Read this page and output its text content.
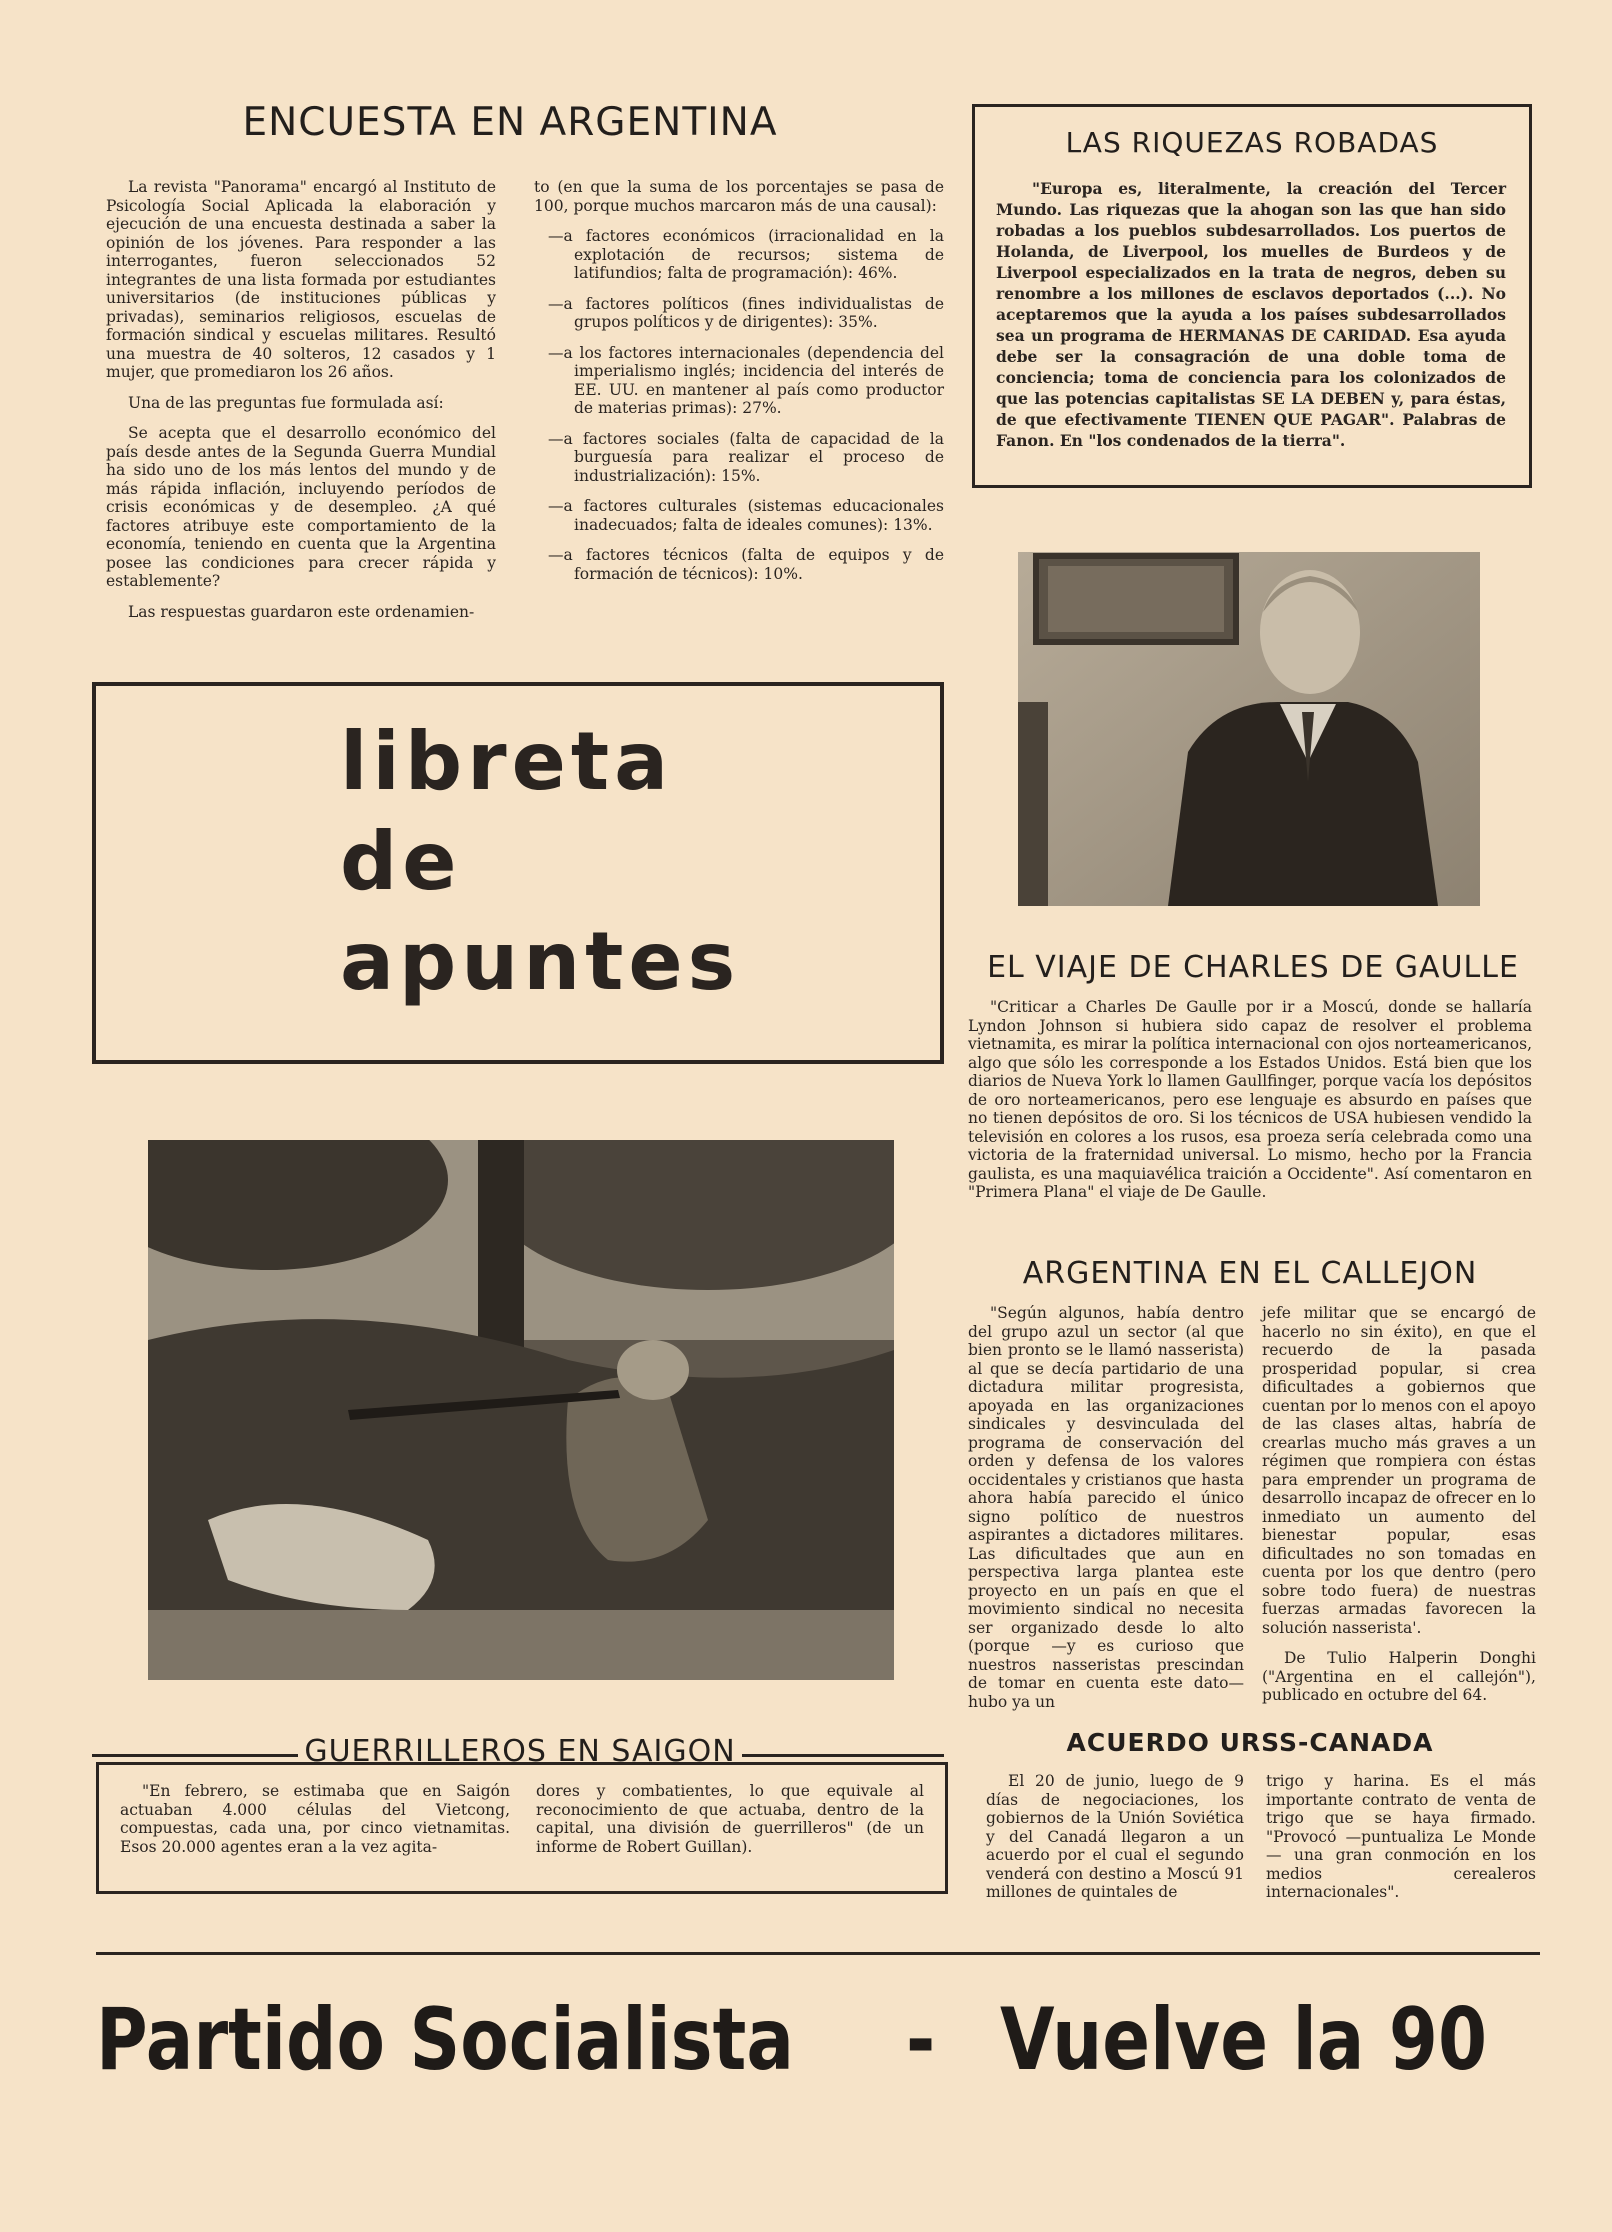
ENCUESTA EN ARGENTINA

La revista "Panorama" encargó al Instituto de Psicología Social Aplicada la elaboración y ejecución de una encuesta destinada a saber la opinión de los jóvenes. Para responder a las interrogantes, fueron seleccionados 52 integrantes de una lista formada por estudiantes universitarios (de instituciones públicas y privadas), seminarios religiosos, escuelas de formación sindical y escuelas militares. Resultó una muestra de 40 solteros, 12 casados y 1 mujer, que promediaron los 26 años.

Una de las preguntas fue formulada así:

Se acepta que el desarrollo económico del país desde antes de la Segunda Guerra Mundial ha sido uno de los más lentos del mundo y de más rápida inflación, incluyendo períodos de crisis económicas y de desempleo. ¿A qué factores atribuye este comportamiento de la economía, teniendo en cuenta que la Argentina posee las condiciones para crecer rápida y establemente?

Las respuestas guardaron este ordenamien-

to (en que la suma de los porcentajes se pasa de 100, porque muchos marcaron más de una causal):

—a factores económicos (irracionalidad en la explotación de recursos; sistema de latifundios; falta de programación): 46%.
—a factores políticos (fines individualistas de grupos políticos y de dirigentes): 35%.
—a los factores internacionales (dependencia del imperialismo inglés; incidencia del interés de EE. UU. en mantener al país como productor de materias primas): 27%.
—a factores sociales (falta de capacidad de la burguesía para realizar el proceso de industrialización): 15%.
—a factores culturales (sistemas educacionales inadecuados; falta de ideales comunes): 13%.
—a factores técnicos (falta de equipos y de formación de técnicos): 10%.
LAS RIQUEZAS ROBADAS

"Europa es, literalmente, la creación del Tercer Mundo. Las riquezas que la ahogan son las que han sido robadas a los pueblos subdesarrollados. Los puertos de Holanda, de Liverpool, los muelles de Burdeos y de Liverpool especializados en la trata de negros, deben su renombre a los millones de esclavos deportados (...). No aceptaremos que la ayuda a los países subdesarrollados sea un programa de HERMANAS DE CARIDAD. Esa ayuda debe ser la consagración de una doble toma de conciencia; toma de conciencia para los colonizados de que las potencias capitalistas SE LA DEBEN y, para éstas, de que efectivamente TIENEN QUE PAGAR". Palabras de Fanon. En "los condenados de la tierra".

libreta
de
apuntes	EL VIAJE DE CHARLES DE GAULLE

"Criticar a Charles De Gaulle por ir a Moscú, donde se hallaría Lyndon Johnson si hubiera sido capaz de resolver el problema vietnamita, es mirar la política internacional con ojos norteamericanos, algo que sólo les corresponde a los Estados Unidos. Está bien que los diarios de Nueva York lo llamen Gaullfinger, porque vacía los depósitos de oro norteamericanos, pero ese lenguaje es absurdo en países que no tienen depósitos de oro. Si los técnicos de USA hubiesen vendido la televisión en colores a los rusos, esa proeza sería celebrada como una victoria de la fraternidad universal. Lo mismo, hecho por la Francia gaulista, es una maquiavélica traición a Occidente". Así comentaron en "Primera Plana" el viaje de De Gaulle.

ARGENTINA EN EL CALLEJON

"Según algunos, había dentro del grupo azul un sector (al que bien pronto se le llamó nasserista) al que se decía partidario de una dictadura militar progresista, apoyada en las organizaciones sindicales y desvinculada del programa de conservación del orden y defensa de los valores occidentales y cristianos que hasta ahora había parecido el único signo político de nuestros aspirantes a dictadores militares. Las dificultades que aun en perspectiva larga plantea este proyecto en un país en que el movimiento sindical no necesita ser organizado desde lo alto (porque —y es curioso que nuestros nasseristas prescindan de tomar en cuenta este dato— hubo ya un

jefe militar que se encargó de hacerlo no sin éxito), en que el recuerdo de la pasada prosperidad popular, si crea dificultades a gobiernos que cuentan por lo menos con el apoyo de las clases altas, habría de crearlas mucho más graves a un régimen que rompiera con éstas para emprender un programa de desarrollo incapaz de ofrecer en lo inmediato un aumento del bienestar popular, esas dificultades no son tomadas en cuenta por los que dentro (pero sobre todo fuera) de nuestras fuerzas armadas favorecen la solución nasserista'.

De Tulio Halperin Donghi ("Argentina en el callejón"), publicado en octubre del 64.

GUERRILLEROS EN SAIGON

"En febrero, se estimaba que en Saigón actuaban 4.000 células del Vietcong, compuestas, cada una, por cinco vietnamitas. Esos 20.000 agentes eran a la vez agita-

dores y combatientes, lo que equivale al reconocimiento de que actuaba, dentro de la capital, una división de guerrilleros" (de un informe de Robert Guillan).

ACUERDO URSS-CANADA

El 20 de junio, luego de 9 días de negociaciones, los gobiernos de la Unión Soviética y del Canadá llegaron a un acuerdo por el cual el segundo venderá con destino a Moscú 91 millones de quintales de

trigo y harina. Es el más importante contrato de venta de trigo que se haya firmado. "Provocó —puntualiza Le Monde— una gran conmoción en los medios cerealeros internacionales".

Partido Socialista - Vuelve la 90
